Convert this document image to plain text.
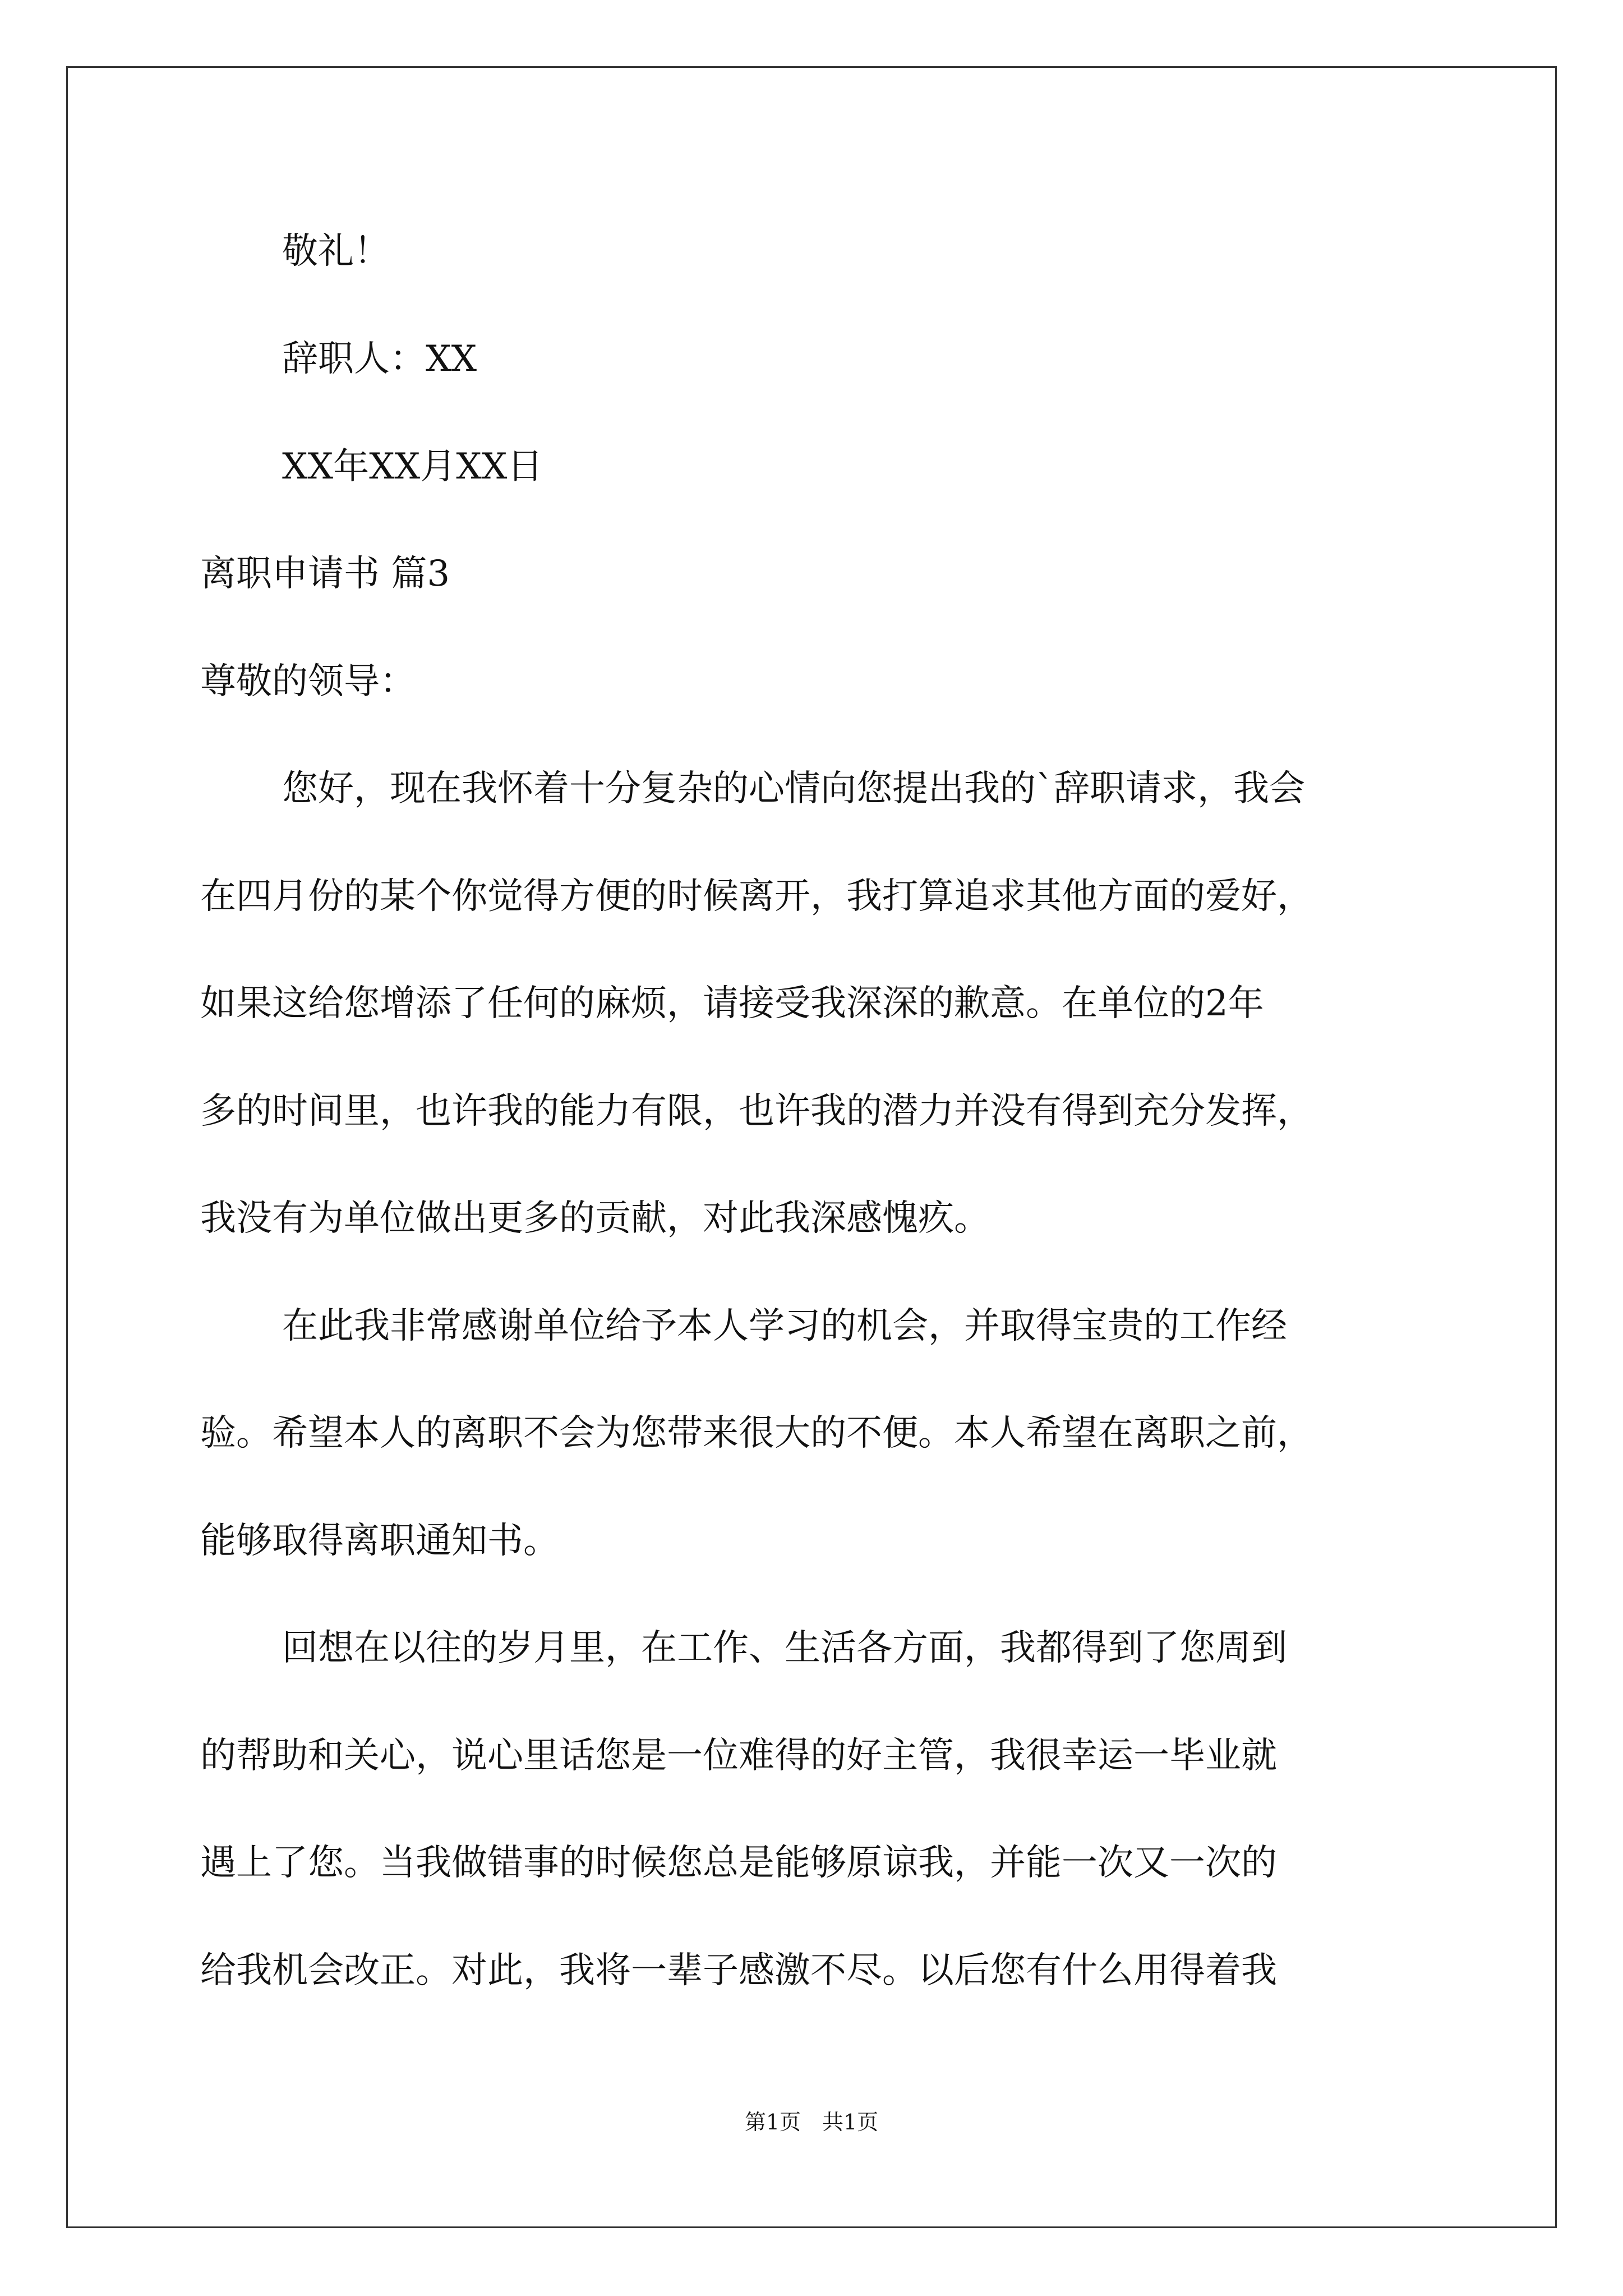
敬礼！
辞职人：XX
XX年XX月XX日
离职申请书 篇3
尊敬的领导：
您好，现在我怀着十分复杂的心情向您提出我的`辞职请求，我会
在四月份的某个你觉得方便的时候离开，我打算追求其他方面的爱好，
如果这给您增添了任何的麻烦，请接受我深深的歉意。在单位的2年
多的时间里，也许我的能力有限，也许我的潜力并没有得到充分发挥，
我没有为单位做出更多的贡献，对此我深感愧疚。
在此我非常感谢单位给予本人学习的机会，并取得宝贵的工作经
验。希望本人的离职不会为您带来很大的不便。本人希望在离职之前，
能够取得离职通知书。
回想在以往的岁月里，在工作、生活各方面，我都得到了您周到
的帮助和关心，说心里话您是一位难得的好主管，我很幸运一毕业就
遇上了您。当我做错事的时候您总是能够原谅我，并能一次又一次的
给我机会改正。对此，我将一辈子感激不尽。以后您有什么用得着我
第1页　共1页
